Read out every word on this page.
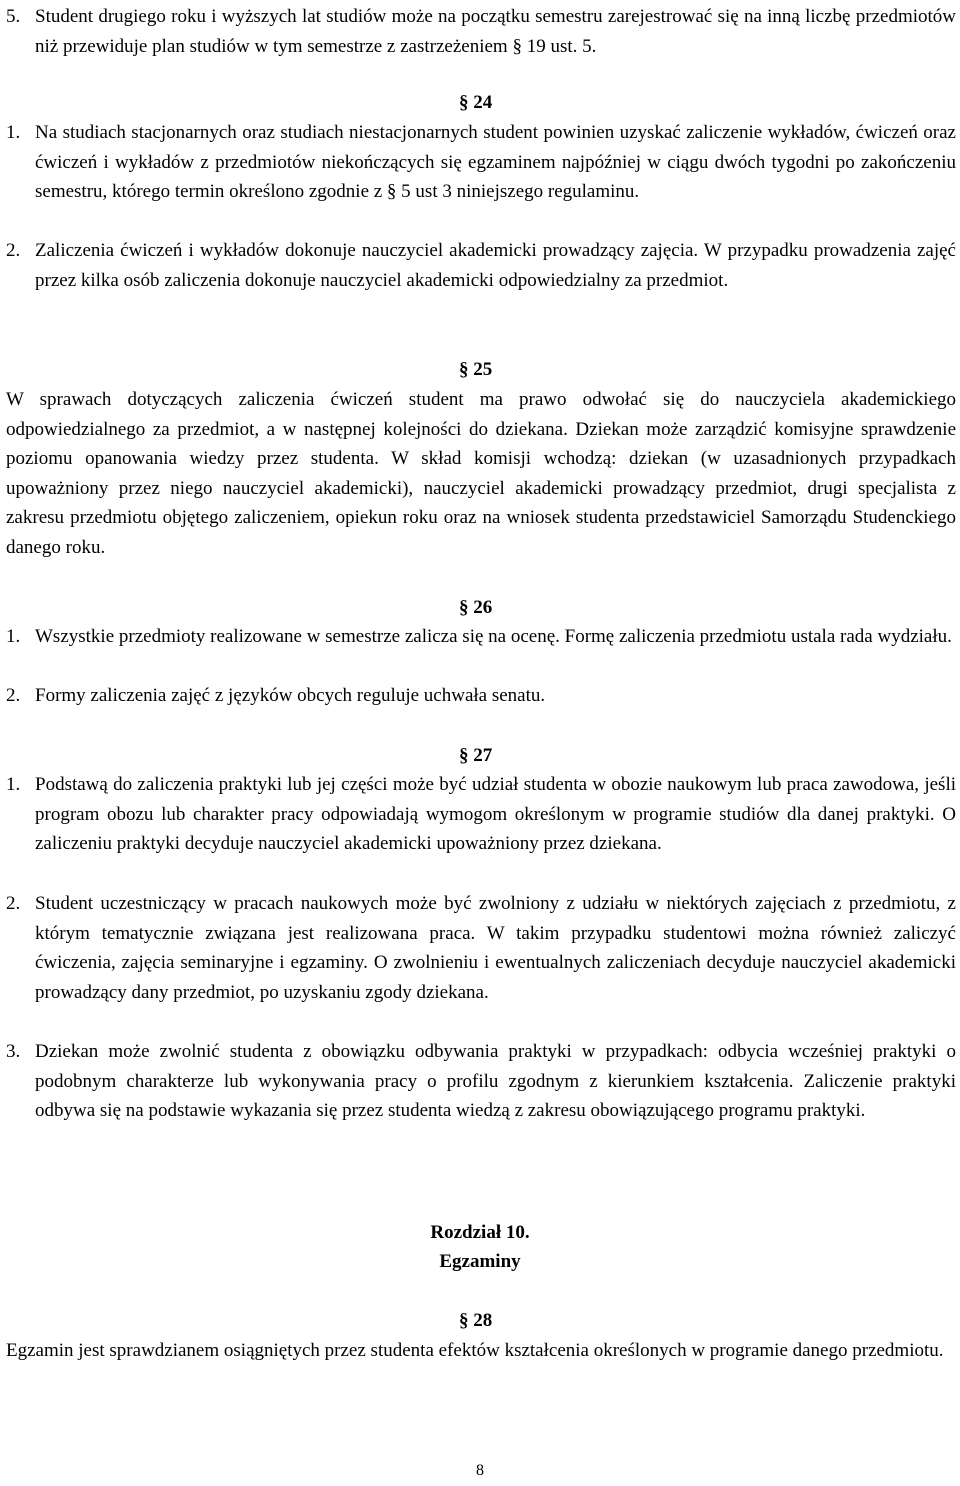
5. Student drugiego roku i wyższych lat studiów może na początku semestru zarejestrować się na inną liczbę przedmiotów niż przewiduje plan studiów w tym semestrze z zastrzeżeniem § 19 ust. 5.
§ 24
1. Na studiach stacjonarnych oraz studiach niestacjonarnych student powinien uzyskać zaliczenie wykładów, ćwiczeń oraz ćwiczeń i wykładów z przedmiotów niekończących się egzaminem najpóźniej w ciągu dwóch tygodni po zakończeniu semestru, którego termin określono zgodnie z § 5 ust 3 niniejszego regulaminu.
2. Zaliczenia ćwiczeń i wykładów dokonuje nauczyciel akademicki prowadzący zajęcia. W przypadku prowadzenia zajęć przez kilka osób zaliczenia dokonuje nauczyciel akademicki odpowiedzialny za przedmiot.
§ 25
W sprawach dotyczących zaliczenia ćwiczeń student ma prawo odwołać się do nauczyciela akademickiego odpowiedzialnego za przedmiot, a w następnej kolejności do dziekana. Dziekan może zarządzić komisyjne sprawdzenie poziomu opanowania wiedzy przez studenta. W skład komisji wchodzą: dziekan (w uzasadnionych przypadkach upoważniony przez niego nauczyciel akademicki), nauczyciel akademicki prowadzący przedmiot, drugi specjalista z zakresu przedmiotu objętego zaliczeniem, opiekun roku oraz na wniosek studenta przedstawiciel Samorządu Studenckiego danego roku.
§ 26
1. Wszystkie przedmioty realizowane w semestrze zalicza się na ocenę. Formę zaliczenia przedmiotu ustala rada wydziału.
2. Formy zaliczenia zajęć z języków obcych reguluje uchwała senatu.
§ 27
1. Podstawą do zaliczenia praktyki lub jej części może być udział studenta w obozie naukowym lub praca zawodowa, jeśli program obozu lub charakter pracy odpowiadają wymogom określonym w programie studiów dla danej praktyki. O zaliczeniu praktyki decyduje nauczyciel akademicki upoważniony przez dziekana.
2. Student uczestniczący w pracach naukowych może być zwolniony z udziału w niektórych zajęciach z przedmiotu, z którym tematycznie związana jest realizowana praca. W takim przypadku studentowi można również zaliczyć ćwiczenia, zajęcia seminaryjne i egzaminy. O zwolnieniu i ewentualnych zaliczeniach decyduje nauczyciel akademicki prowadzący dany przedmiot, po uzyskaniu zgody dziekana.
3. Dziekan może zwolnić studenta z obowiązku odbywania praktyki w przypadkach: odbycia wcześniej praktyki o podobnym charakterze lub wykonywania pracy o profilu zgodnym z kierunkiem kształcenia. Zaliczenie praktyki odbywa się na podstawie wykazania się przez studenta wiedzą z zakresu obowiązującego programu praktyki.
Rozdział 10.
Egzaminy
§ 28
Egzamin jest sprawdzianem osiągniętych przez studenta efektów kształcenia określonych w programie danego przedmiotu.
8
